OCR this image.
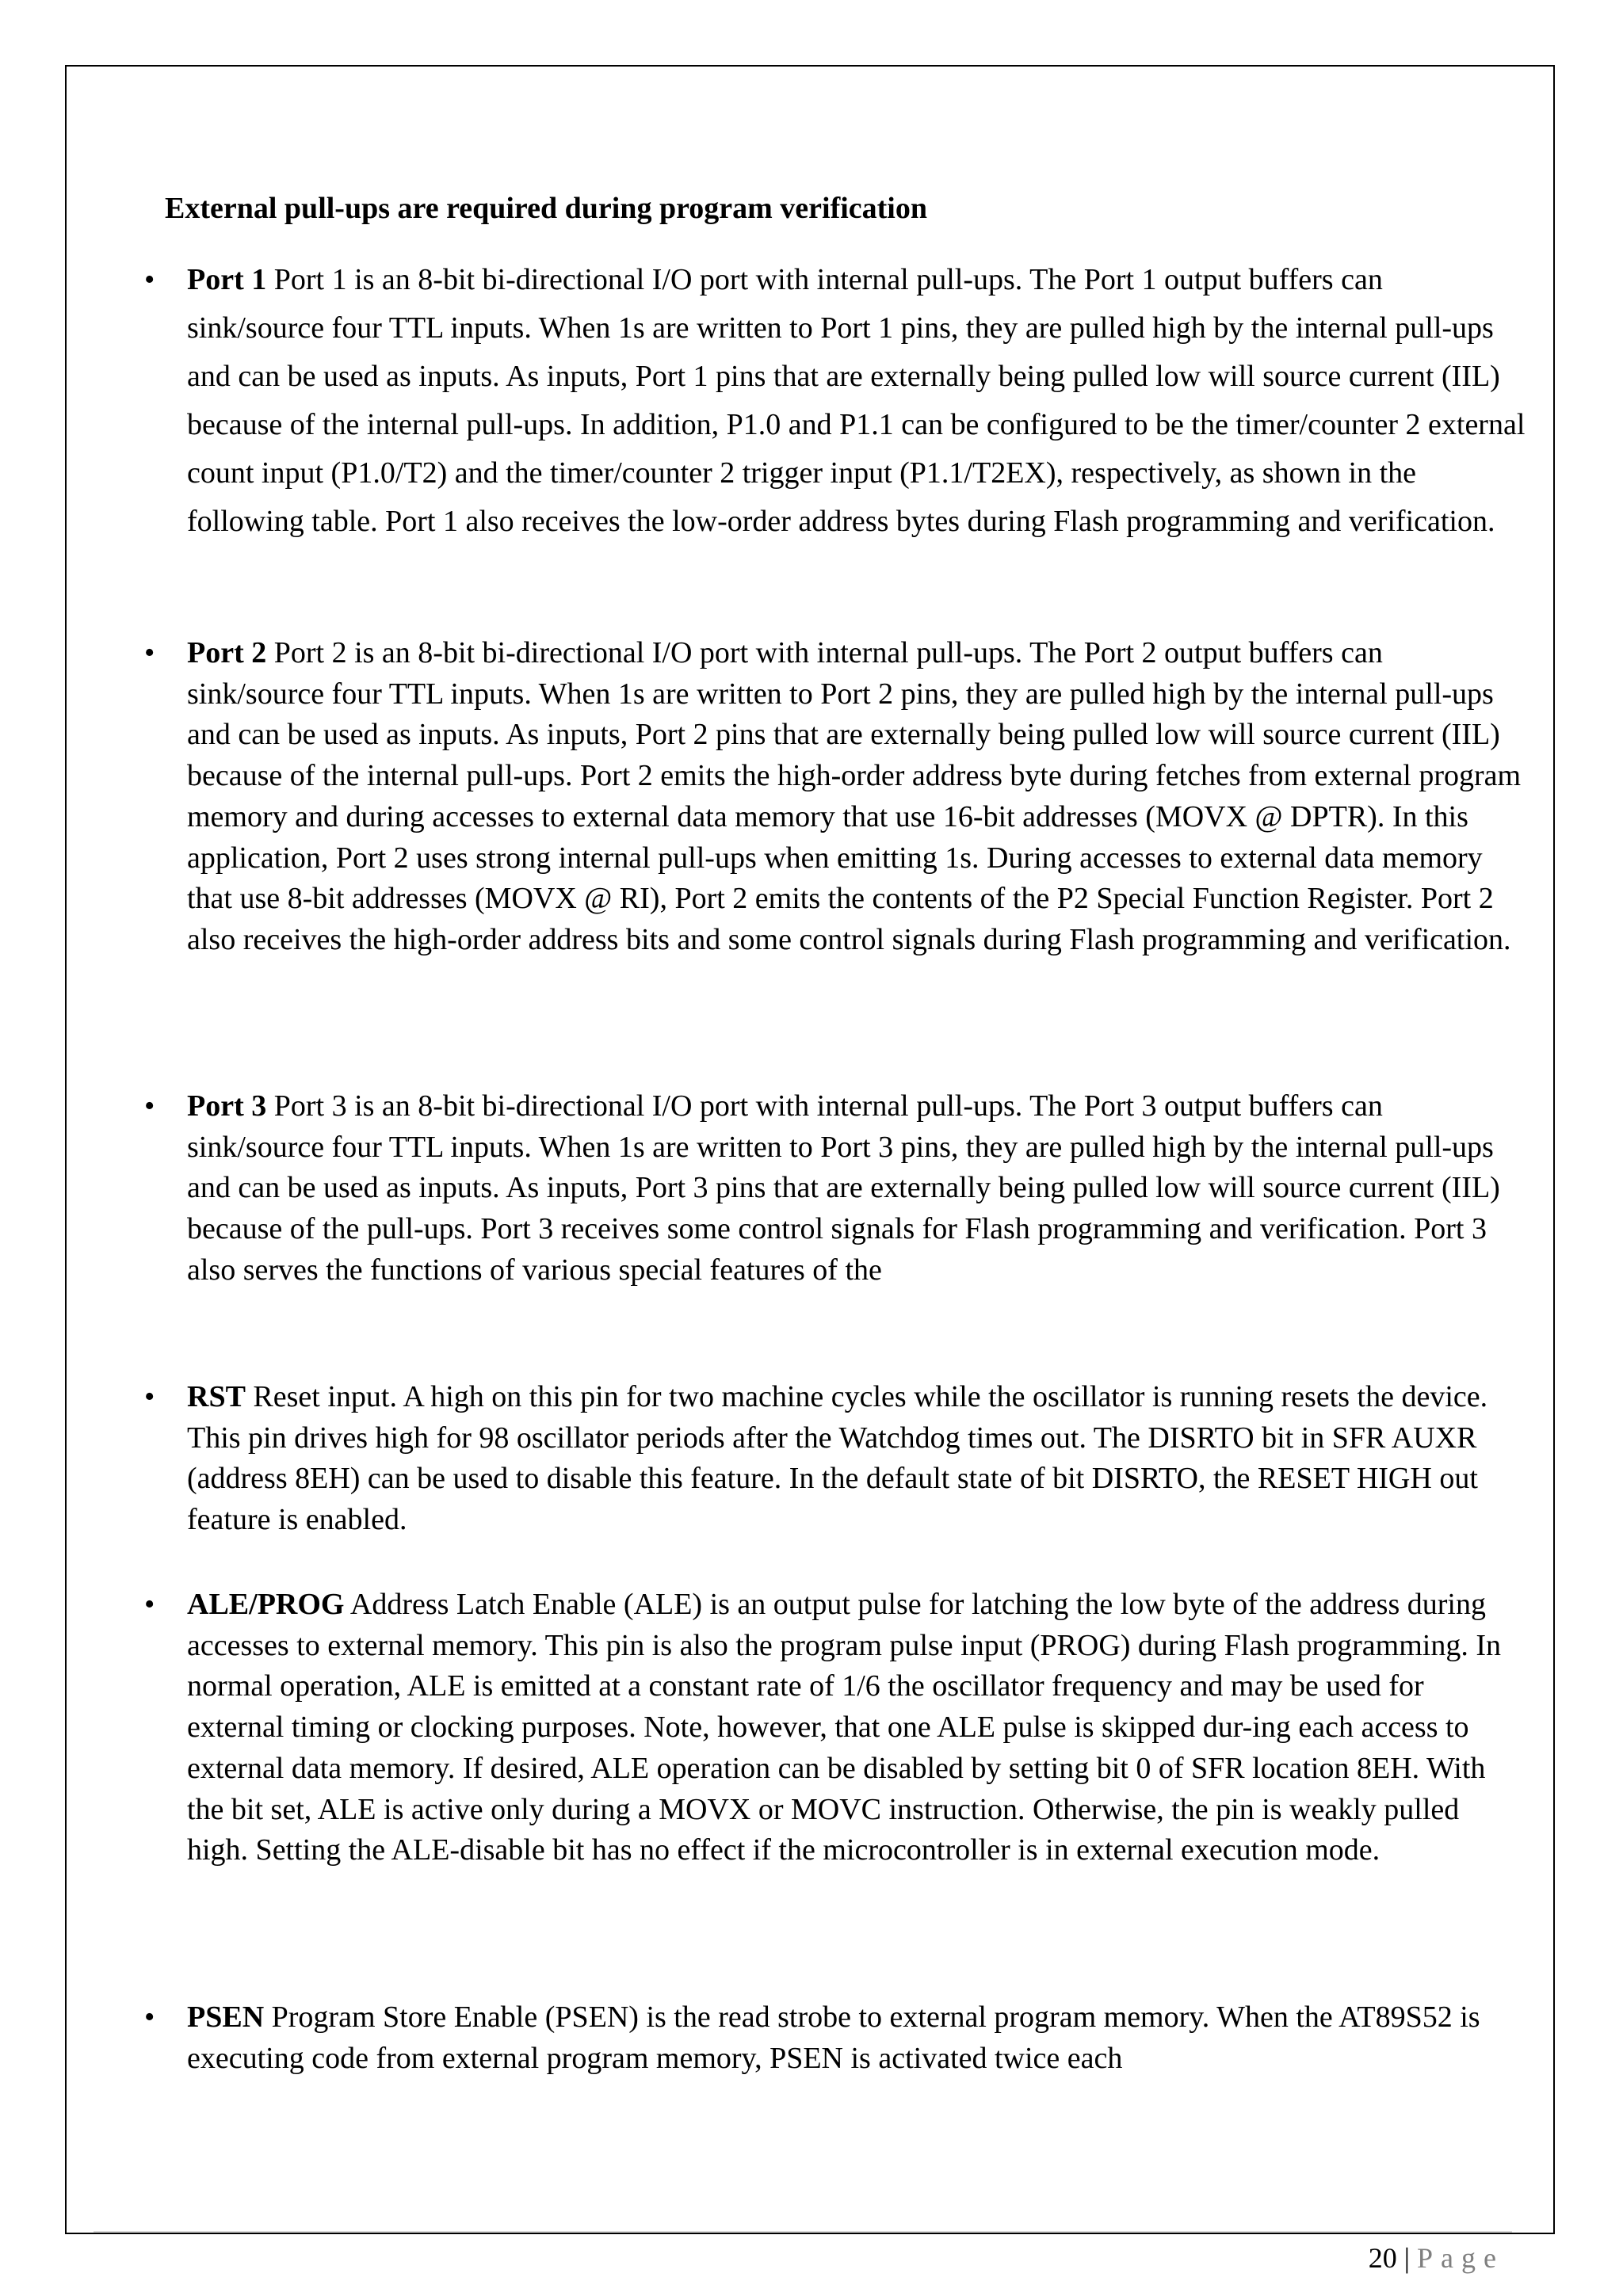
External pull-ups are required during program verification
•	Port 1 Port 1 is an 8-bit bi-directional I/O port with internal pull-ups. The Port 1 output buffers can sink/source four TTL inputs. When 1s are written to Port 1 pins, they are pulled high by the internal pull-ups and can be used as inputs. As inputs, Port 1 pins that are externally being pulled low will source current (IIL) because of the internal pull-ups. In addition, P1.0 and P1.1 can be configured to be the timer/counter 2 external count input (P1.0/T2) and the timer/counter 2 trigger input (P1.1/T2EX), respectively, as shown in the following table. Port 1 also receives the low-order address bytes during Flash programming and verification.
•	Port 2 Port 2 is an 8-bit bi-directional I/O port with internal pull-ups. The Port 2 output buffers can sink/source four TTL inputs. When 1s are written to Port 2 pins, they are pulled high by the internal pull-ups and can be used as inputs. As inputs, Port 2 pins that are externally being pulled low will source current (IIL) because of the internal pull-ups. Port 2 emits the high-order address byte during fetches from external program memory and during accesses to external data memory that use 16-bit addresses (MOVX @ DPTR). In this application, Port 2 uses strong internal pull-ups when emitting 1s. During accesses to external data memory that use 8-bit addresses (MOVX @ RI), Port 2 emits the contents of the P2 Special Function Register. Port 2 also receives the high-order address bits and some control signals during Flash programming and verification.
•	Port 3 Port 3 is an 8-bit bi-directional I/O port with internal pull-ups. The Port 3 output buffers can sink/source four TTL inputs. When 1s are written to Port 3 pins, they are pulled high by the internal pull-ups and can be used as inputs. As inputs, Port 3 pins that are externally being pulled low will source current (IIL) because of the pull-ups. Port 3 receives some control signals for Flash programming and verification. Port 3 also serves the functions of various special features of the
•	RST Reset input. A high on this pin for two machine cycles while the oscillator is running resets the device. This pin drives high for 98 oscillator periods after the Watchdog times out. The DISRTO bit in SFR AUXR (address 8EH) can be used to disable this feature. In the default state of bit DISRTO, the RESET HIGH out feature is enabled.
•	ALE/PROG Address Latch Enable (ALE) is an output pulse for latching the low byte of the address during accesses to external memory. This pin is also the program pulse input (PROG) during Flash programming. In normal operation, ALE is emitted at a constant rate of 1/6 the oscillator frequency and may be used for external timing or clocking purposes. Note, however, that one ALE pulse is skipped dur-ing each access to external data memory. If desired, ALE operation can be disabled by setting bit 0 of SFR location 8EH. With the bit set, ALE is active only during a MOVX or MOVC instruction. Otherwise, the pin is weakly pulled high. Setting the ALE-disable bit has no effect if the microcontroller is in external execution mode.
•	PSEN Program Store Enable (PSEN) is the read strobe to external program memory. When the AT89S52 is executing code from external program memory, PSEN is activated twice each
20 | Page
